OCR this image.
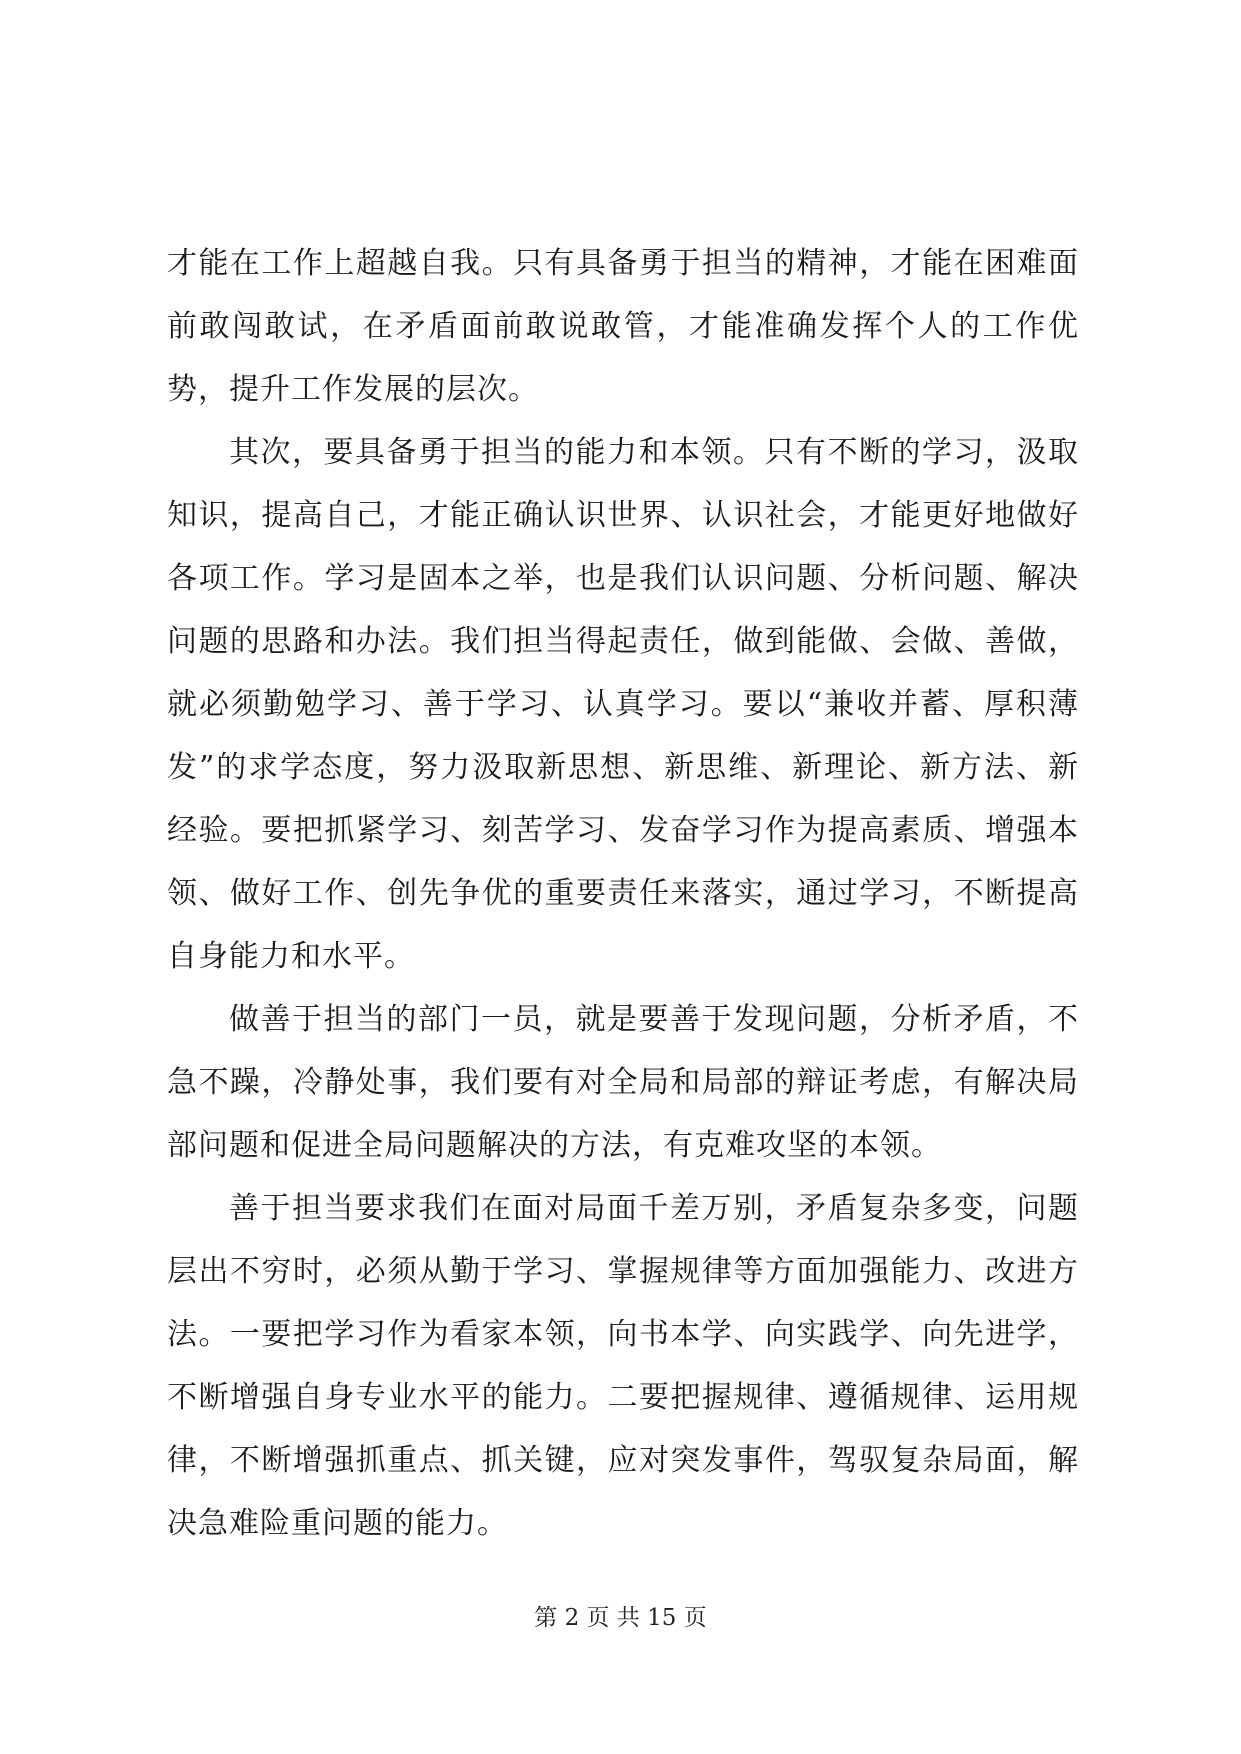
才能在工作上超越自我。只有具备勇于担当的精神，才能在困难面前敢闯敢试，在矛盾面前敢说敢管，才能准确发挥个人的工作优势，提升工作发展的层次。

其次，要具备勇于担当的能力和本领。只有不断的学习，汲取知识，提高自己，才能正确认识世界、认识社会，才能更好地做好各项工作。学习是固本之举，也是我们认识问题、分析问题、解决问题的思路和办法。我们担当得起责任，做到能做、会做、善做，就必须勤勉学习、善于学习、认真学习。要以“兼收并蓄、厚积薄发”的求学态度，努力汲取新思想、新思维、新理论、新方法、新经验。要把抓紧学习、刻苦学习、发奋学习作为提高素质、增强本领、做好工作、创先争优的重要责任来落实，通过学习，不断提高自身能力和水平。

做善于担当的部门一员，就是要善于发现问题，分析矛盾，不急不躁，冷静处事，我们要有对全局和局部的辩证考虑，有解决局部问题和促进全局问题解决的方法，有克难攻坚的本领。

善于担当要求我们在面对局面千差万别，矛盾复杂多变，问题层出不穷时，必须从勤于学习、掌握规律等方面加强能力、改进方法。一要把学习作为看家本领，向书本学、向实践学、向先进学，不断增强自身专业水平的能力。二要把握规律、遵循规律、运用规律，不断增强抓重点、抓关键，应对突发事件，驾驭复杂局面，解决急难险重问题的能力。

第 2 页 共 15 页
